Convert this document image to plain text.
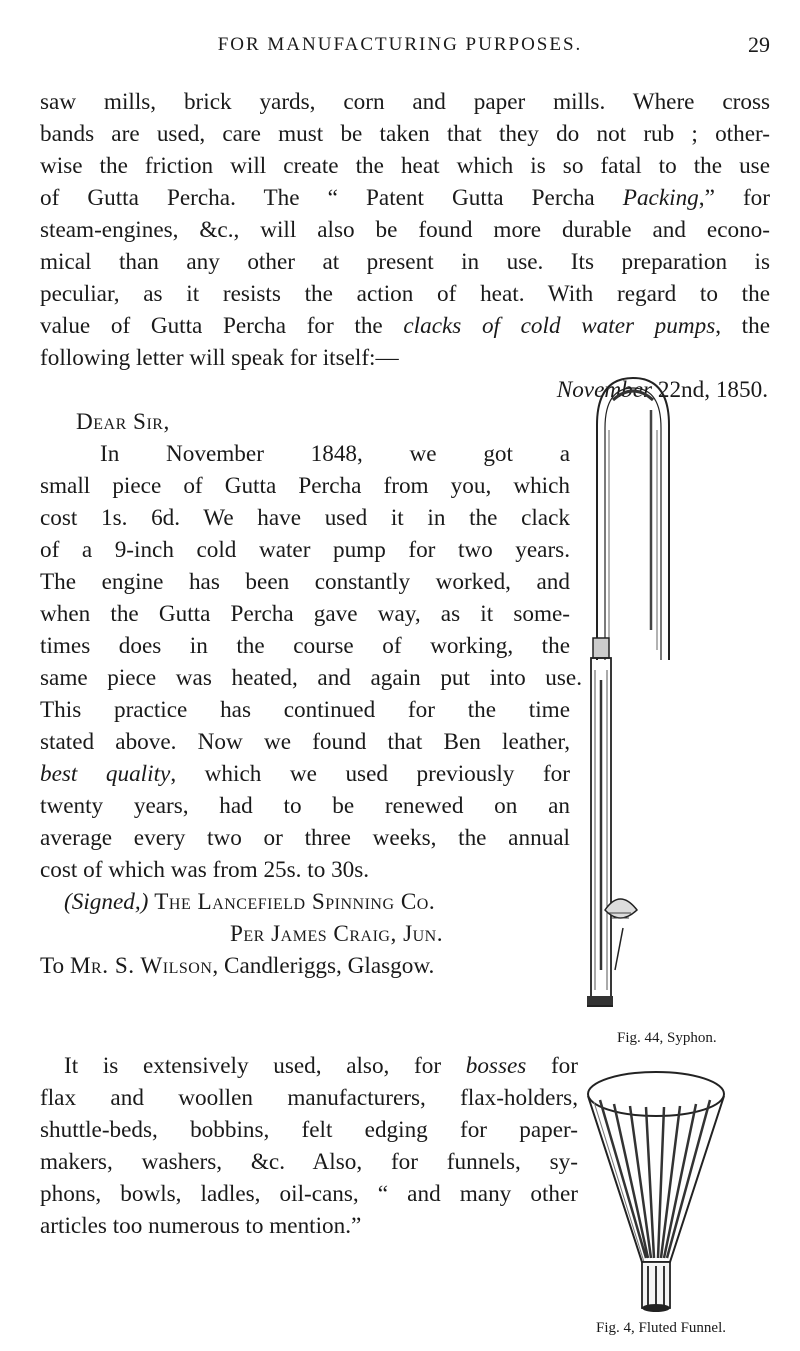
FOR MANUFACTURING PURPOSES.	29
saw mills, brick yards, corn and paper mills. Where cross
bands are used, care must be taken that they do not rub ; other-
wise the friction will create the heat which is so fatal to the use
of Gutta Percha. The “ Patent Gutta Percha Packing,” for
steam-engines, &c., will also be found more durable and econo-
mical than any other at present in use. Its preparation is
peculiar, as it resists the action of heat. With regard to the
value of Gutta Percha for the clacks of cold water pumps, the
following letter will speak for itself:—
November 22nd, 1850.
Dear Sir,
In November 1848, we got a
small piece of Gutta Percha from you, which
cost 1s. 6d. We have used it in the clack
of a 9-inch cold water pump for two years.
The engine has been constantly worked, and
when the Gutta Percha gave way, as it some-
times does in the course of working, the
same piece was heated, and again put into use.
This practice has continued for the time
stated above. Now we found that Ben leather,
best quality, which we used previously for
twenty years, had to be renewed on an
average every two or three weeks, the annual
cost of which was from 25s. to 30s.
(Signed,) The Lancefield Spinning Co.
Per James Craig, Jun.
To Mr. S. Wilson, Candleriggs, Glasgow.
Fig. 44, Syphon.
Fig. 4, Fluted Funnel.
It is extensively used, also, for bosses for
flax and woollen manufacturers, flax-holders,
shuttle-beds, bobbins, felt edging for paper-
makers, washers, &c. Also, for funnels, sy-
phons, bowls, ladles, oil-cans, “ and many other
articles too numerous to mention.”
